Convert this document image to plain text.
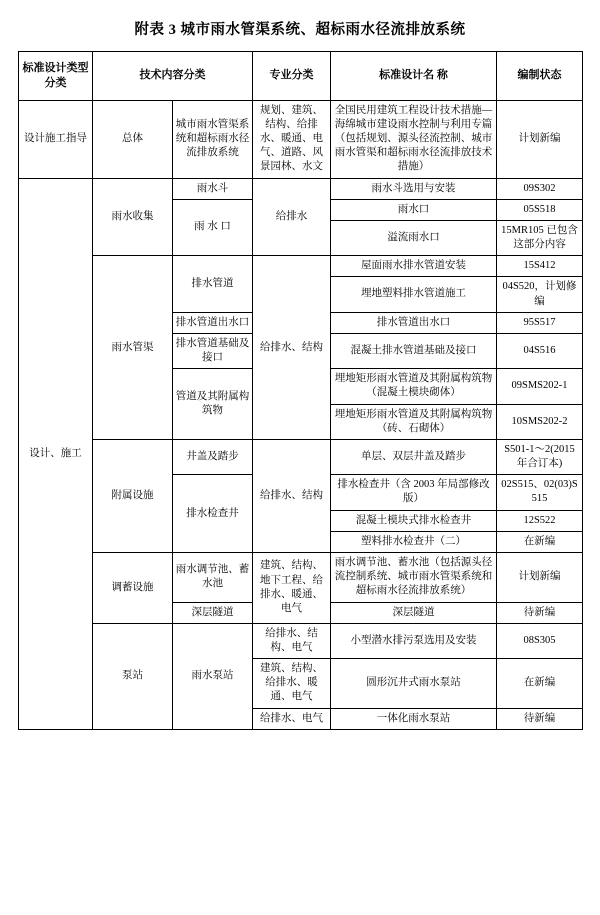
附表 3 城市雨水管渠系统、超标雨水径流排放系统
标准设计类型分类	技术内容分类		专业分类	标准设计名 称	编制状态
设计施工指导	总体	城市雨水管渠系统和超标雨水径流排放系统	规划、建筑、结构、给排水、暖通、电气、道路、风景园林、水文	全国民用建筑工程设计技术措施—海绵城市建设雨水控制与利用专篇（包括规划、源头径流控制、城市雨水管渠和超标雨水径流排放技术措施）	计划新编
设计、施工	雨水收集	雨水斗	给排水	雨水斗选用与安装	09S302
		雨 水 口		雨水口	05S518
				溢流雨水口	15MR105 已包含这部分内容
	雨水管渠	排水管道	给排水、结构	屋面雨水排水管道安装	15S412
				埋地塑料排水管道施工	04S520，计划修编
		排水管道出水口		排水管道出水口	95S517
		排水管道基础及接口		混凝土排水管道基础及接口	04S516
		管道及其附属构筑物		埋地矩形雨水管道及其附属构筑物（混凝土模块砌体）	09SMS202-1
				埋地矩形雨水管道及其附属构筑物（砖、石砌体）	10SMS202-2
	附属设施	井盖及踏步	给排水、结构	单层、双层井盖及踏步	S501-1～2(2015 年合订本)
		排水检查井		排水检查井（含 2003 年局部修改版）	02S515、02(03)S515
				混凝土模块式排水检查井	12S522
				塑料排水检查井（二）	在新编
	调蓄设施	雨水调节池、蓄水池	建筑、结构、地下工程、给排水、暖通、电气	雨水调节池、蓄水池（包括源头径流控制系统、城市雨水管渠系统和超标雨水径流排放系统）	计划新编
		深层隧道		深层隧道	待新编
	泵站	雨水泵站	给排水、结构、电气	小型潜水排污泵选用及安装	08S305
			建筑、结构、给排水、暖通、电气	圆形沉井式雨水泵站	在新编
			给排水、电气	一体化雨水泵站	待新编
